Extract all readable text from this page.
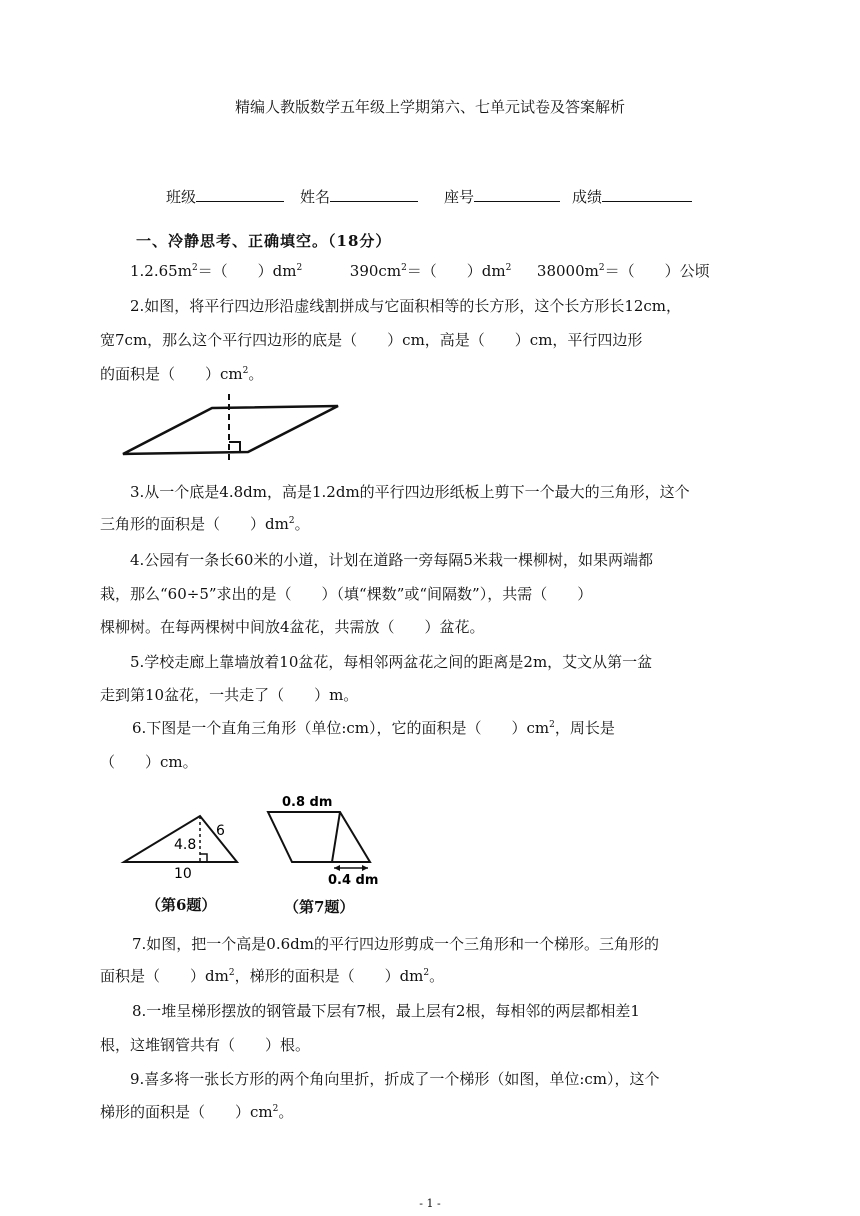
精编人教版数学五年级上学期第六、七单元试卷及答案解析
班级	姓名	座号	成绩
一、冷静思考、正确填空。（18分）
$1.2.65m^2=$（　　）$dm^2$	$390cm^2=$（　　）$dm^2$ $38000m^2=$（　　）公顷
2.如图，将平行四边形沿虚线割拼成与它面积相等的长方形，这个长方形长12cm，
宽7cm，那么这个平行四边形的底是（　　）cm，高是（　　）cm，平行四边形
的面积是（　　）$cm^2$。
3.从一个底是4.8dm，高是1.2dm的平行四边形纸板上剪下一个最大的三角形，这个
三角形的面积是（　　）$dm^2$。
4.公园有一条长60米的小道，计划在道路一旁每隔5米栽一棵柳树，如果两端都
栽，那么“60÷5”求出的是（　　）（填“棵数”或“间隔数”），共需（　　）
棵柳树。在每两棵树中间放4盆花，共需放（　　）盆花。
5.学校走廊上靠墙放着10盆花，每相邻两盆花之间的距离是2m，艾文从第一盆
走到第10盆花，一共走了（　　）m。
6.下图是一个直角三角形（单位:cm），它的面积是（　　）$cm^2$，周长是
（　　）cm。
4.8
6
10
（第6题）
0.8 dm
0.4 dm
（第7题）
7.如图，把一个高是0.6dm的平行四边形剪成一个三角形和一个梯形。三角形的
面积是（　　）$dm^2$，梯形的面积是（　　）$dm^2$。
8.一堆呈梯形摆放的钢管最下层有7根，最上层有2根，每相邻的两层都相差1
根，这堆钢管共有（　　）根。
9.喜多将一张长方形的两个角向里折，折成了一个梯形（如图，单位:cm），这个
梯形的面积是（　　）$cm^2$。
- 1 -
